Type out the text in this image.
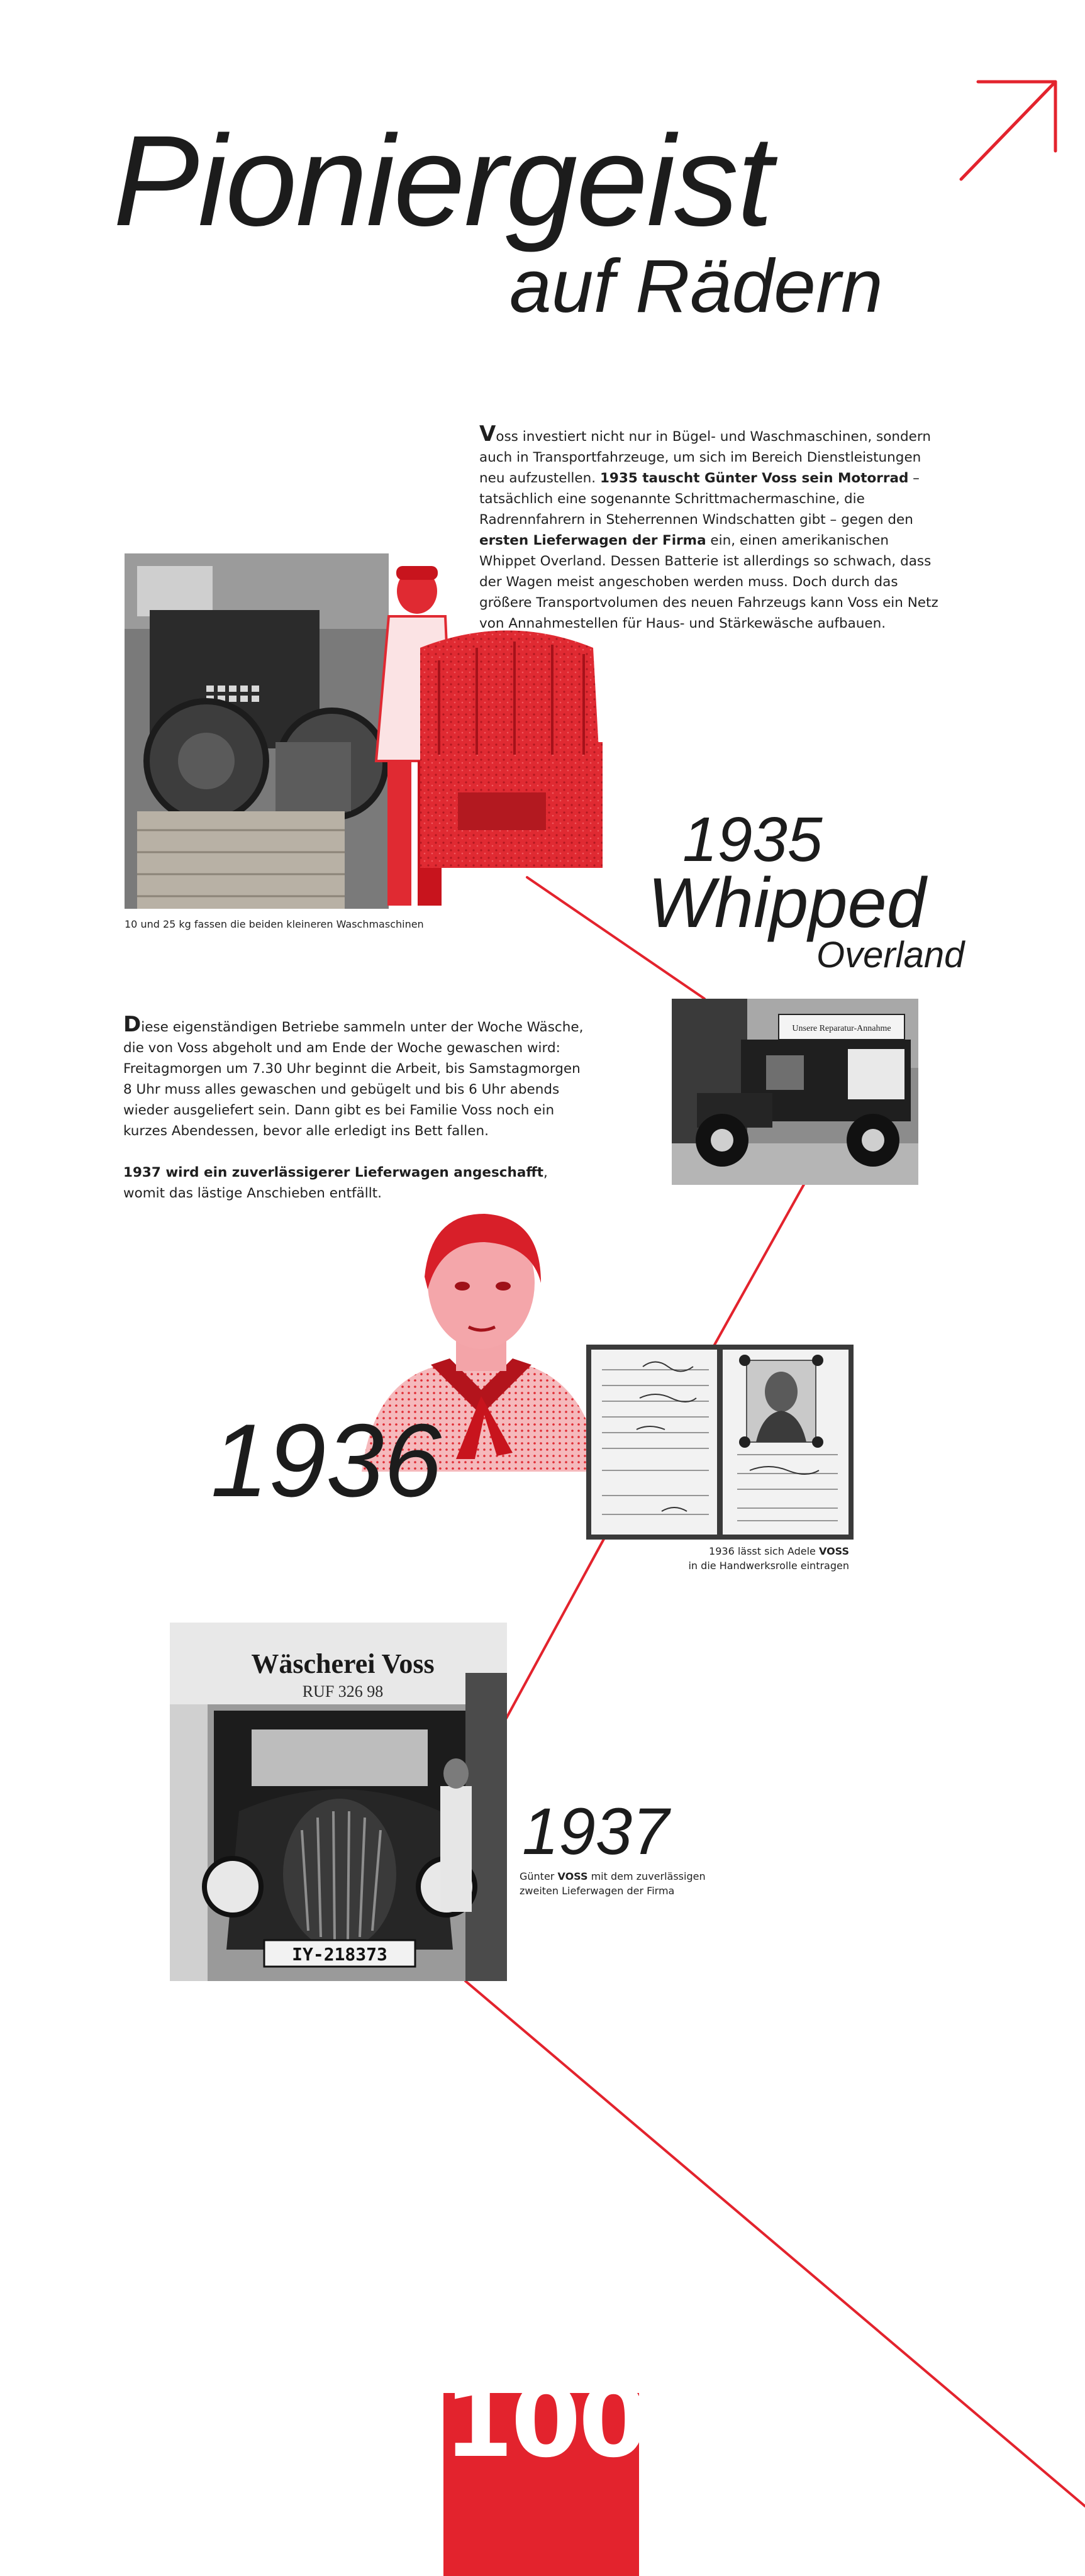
Pioniergeist
auf Rädern

Voss investiert nicht nur in Bügel- und Waschmaschinen, sondern auch in Transportfahrzeuge, um sich im Bereich Dienstleistungen neu aufzustellen. 1935 tauscht Günter Voss sein Motorrad – tatsächlich eine sogenannte Schrittmachermaschine, die Radrennfahrern in Steherrennen Windschatten gibt – gegen den ersten Lieferwagen der Firma ein, einen amerikanischen Whippet Overland. Dessen Batterie ist allerdings so schwach, dass der Wagen meist angeschoben werden muss. Doch durch das größere Transportvolumen des neuen Fahrzeugs kann Voss ein Netz von Annahmestellen für Haus- und Stärkewäsche aufbauen.

10 und 25 kg fassen die beiden kleineren Waschmaschinen
1935
Whipped
Overland
Unsere Reparatur-Annahme

Diese eigenständigen Betriebe sammeln unter der Woche Wäsche, die von Voss abgeholt und am Ende der Woche gewaschen wird: Freitagmorgen um 7.30 Uhr beginnt die Arbeit, bis Samstagmorgen 8 Uhr muss alles gewaschen und gebügelt und bis 6 Uhr abends wieder ausgeliefert sein. Dann gibt es bei Familie Voss noch ein kurzes Abendessen, bevor alle erledigt ins Bett fallen.

1937 wird ein zuverlässigerer Lieferwagen angeschafft, womit das lästige Anschieben entfällt.

1936
1936 lässt sich Adele VOSS
in die Handwerksrolle eintragen
Wäscherei Voss
RUF 326 98
IY-218373
1937
Günter VOSS mit dem zuverlässigen
zweiten Lieferwagen der Firma
100
